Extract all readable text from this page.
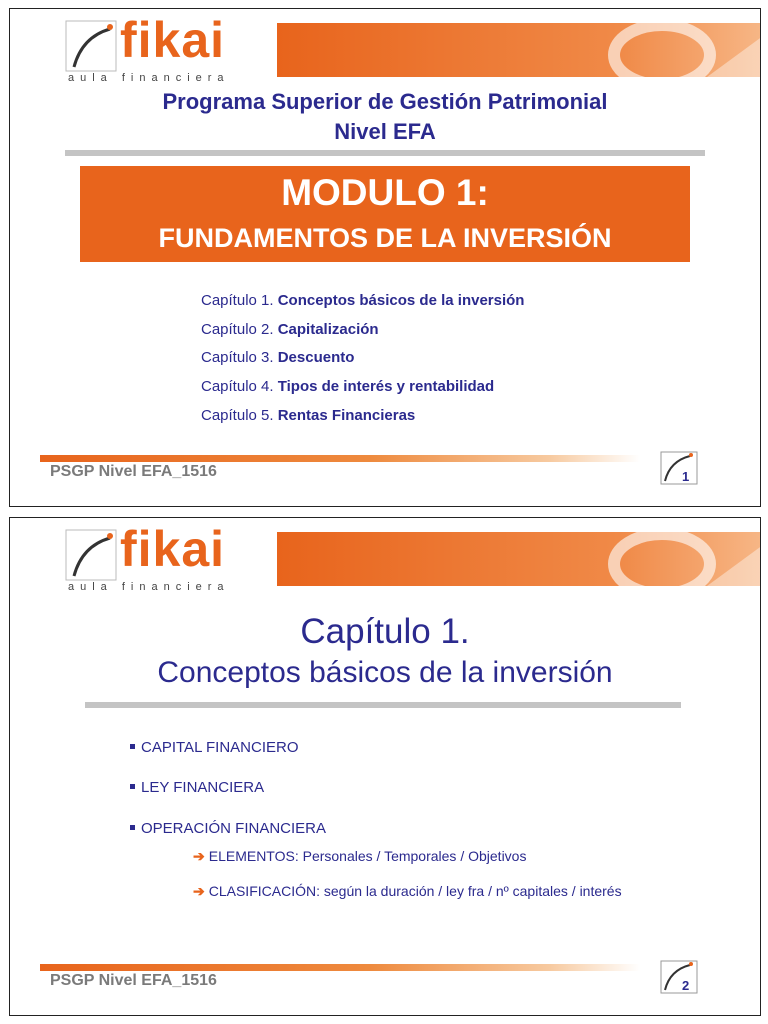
fikai
aula financiera
Programa Superior de Gestión Patrimonial
Nivel EFA
MODULO 1:
FUNDAMENTOS DE LA INVERSIÓN
Capítulo 1. Conceptos básicos de la inversión
Capítulo 2. Capitalización
Capítulo 3. Descuento
Capítulo 4. Tipos de interés y rentabilidad
Capítulo 5. Rentas Financieras
PSGP Nivel EFA_1516	1
fikai
aula financiera
Capítulo 1.
Conceptos básicos de la inversión
CAPITAL FINANCIERO
LEY FINANCIERA
OPERACIÓN FINANCIERA
➔ ELEMENTOS: Personales / Temporales / Objetivos
➔ CLASIFICACIÓN: según la duración / ley fra / nº capitales / interés
PSGP Nivel EFA_1516	2
